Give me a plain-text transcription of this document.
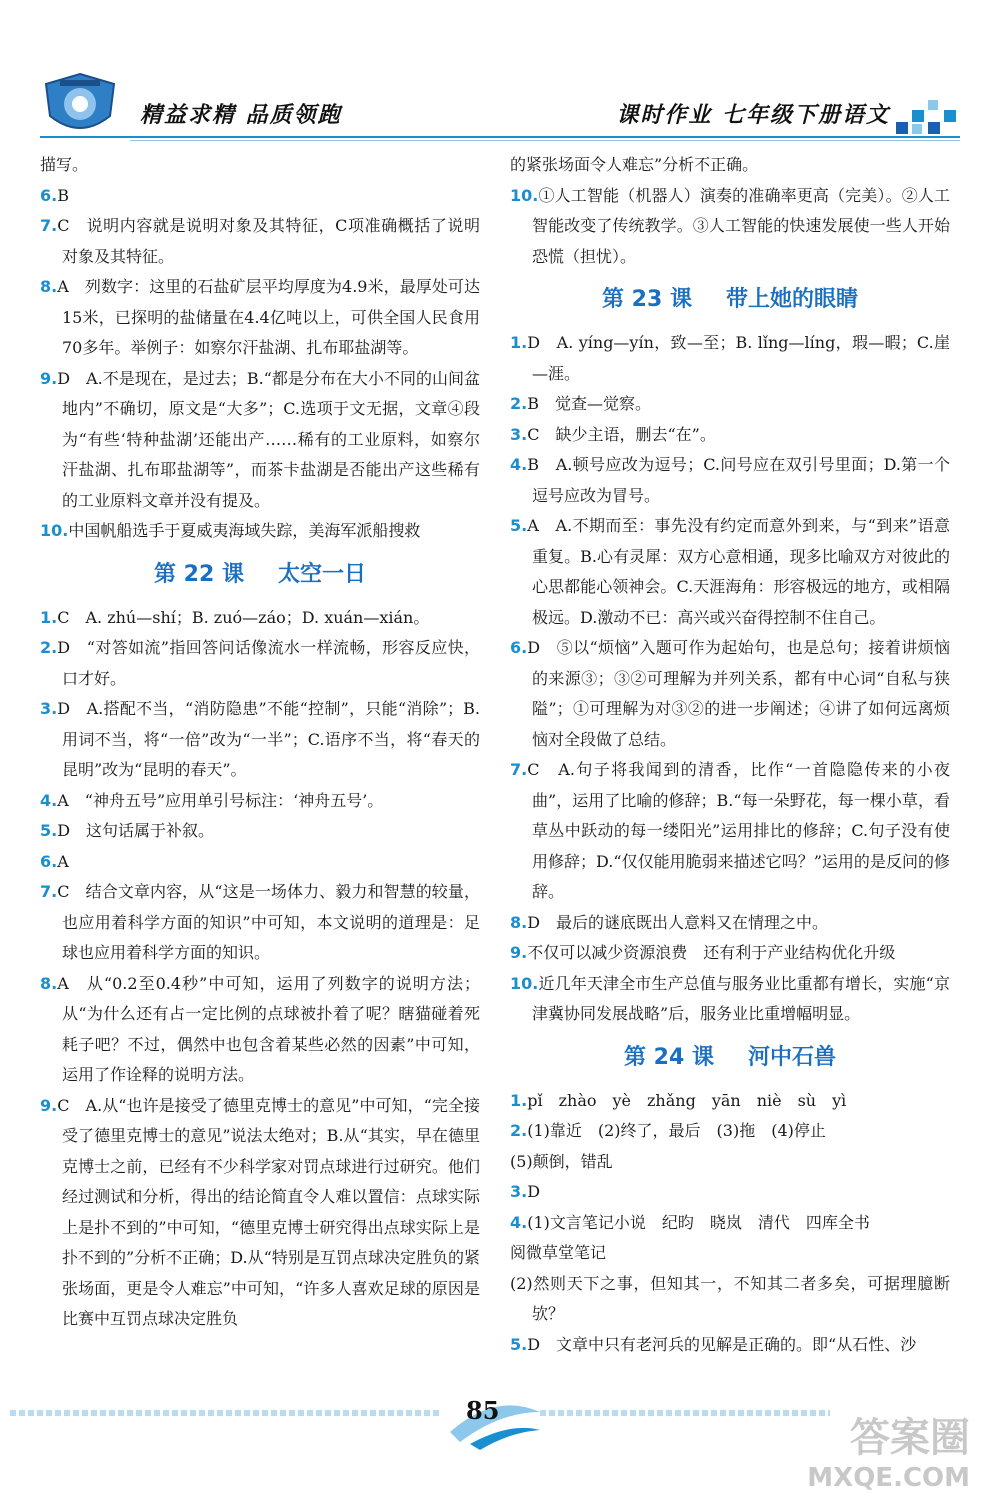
精益求精 品质领跑	课时作业 七年级下册语文

描写。

6.B

7.C　说明内容就是说明对象及其特征，C项准确概括了说明对象及其特征。

8.A　列数字：这里的石盐矿层平均厚度为4.9米，最厚处可达15米，已探明的盐储量在4.4亿吨以上，可供全国人民食用70多年。举例子：如察尔汗盐湖、扎布耶盐湖等。

9.D　A.不是现在，是过去；B.“都是分布在大小不同的山间盆地内”不确切，原文是“大多”；C.选项于文无据，文章④段为“有些‘特种盐湖’还能出产……稀有的工业原料，如察尔汗盐湖、扎布耶盐湖等”，而茶卡盐湖是否能出产这些稀有的工业原料文章并没有提及。

10.中国帆船选手于夏威夷海域失踪，美海军派船搜救

第 22 课 太空一日

1.C　A. zhú—shí；B. zuó—záo；D. xuán—xián。

2.D　“对答如流”指回答问话像流水一样流畅，形容反应快，口才好。

3.D　A.搭配不当，“消防隐患”不能“控制”，只能“消除”；B.用词不当，将“一倍”改为“一半”；C.语序不当，将“春天的昆明”改为“昆明的春天”。

4.A　“神舟五号”应用单引号标注：‘神舟五号’。

5.D　这句话属于补叙。

6.A

7.C　结合文章内容，从“这是一场体力、毅力和智慧的较量，也应用着科学方面的知识”中可知，本文说明的道理是：足球也应用着科学方面的知识。

8.A　从“0.2至0.4秒”中可知，运用了列数字的说明方法；从“为什么还有占一定比例的点球被扑着了呢？瞎猫碰着死耗子吧？不过，偶然中也包含着某些必然的因素”中可知，运用了作诠释的说明方法。

9.C　A.从“也许是接受了德里克博士的意见”中可知，“完全接受了德里克博士的意见”说法太绝对；B.从“其实，早在德里克博士之前，已经有不少科学家对罚点球进行过研究。他们经过测试和分析，得出的结论简直令人难以置信：点球实际上是扑不到的”中可知，“德里克博士研究得出点球实际上是扑不到的”分析不正确；D.从“特别是互罚点球决定胜负的紧张场面，更是令人难忘”中可知，“许多人喜欢足球的原因是比赛中互罚点球决定胜负

的紧张场面令人难忘”分析不正确。

10.①人工智能（机器人）演奏的准确率更高（完美）。②人工智能改变了传统教学。③人工智能的快速发展使一些人开始恐慌（担忧）。

第 23 课 带上她的眼睛

1.D　A. yíng—yín，致—至；B. lǐng—líng，瑕—暇；C.崖—涯。

2.B　觉查—觉察。

3.C　缺少主语，删去“在”。

4.B　A.顿号应改为逗号；C.问号应在双引号里面；D.第一个逗号应改为冒号。

5.A　A.不期而至：事先没有约定而意外到来，与“到来”语意重复。B.心有灵犀：双方心意相通，现多比喻双方对彼此的心思都能心领神会。C.天涯海角：形容极远的地方，或相隔极远。D.激动不已：高兴或兴奋得控制不住自己。

6.D　⑤以“烦恼”入题可作为起始句，也是总句；接着讲烦恼的来源③；③②可理解为并列关系，都有中心词“自私与狭隘”；①可理解为对③②的进一步阐述；④讲了如何远离烦恼对全段做了总结。

7.C　A.句子将我闻到的清香，比作“一首隐隐传来的小夜曲”，运用了比喻的修辞；B.“每一朵野花，每一棵小草，看草丛中跃动的每一缕阳光”运用排比的修辞；C.句子没有使用修辞；D.“仅仅能用脆弱来描述它吗？”运用的是反问的修辞。

8.D　最后的谜底既出人意料又在情理之中。

9.不仅可以减少资源浪费　还有利于产业结构优化升级

10.近几年天津全市生产总值与服务业比重都有增长，实施“京津冀协同发展战略”后，服务业比重增幅明显。

第 24 课 河中石兽

1.pǐ　zhào　yè　zhǎng　yān　niè　sù　yì

2.(1)靠近　(2)终了，最后　(3)拖　(4)停止

(5)颠倒，错乱

3.D

4.(1)文言笔记小说　纪昀　晓岚　清代　四库全书

阅微草堂笔记

(2)然则天下之事，但知其一，不知其二者多矣，可据理臆断欤？

5.D　文章中只有老河兵的见解是正确的。即“从石性、沙

85
答案圈
MXQE.COM
